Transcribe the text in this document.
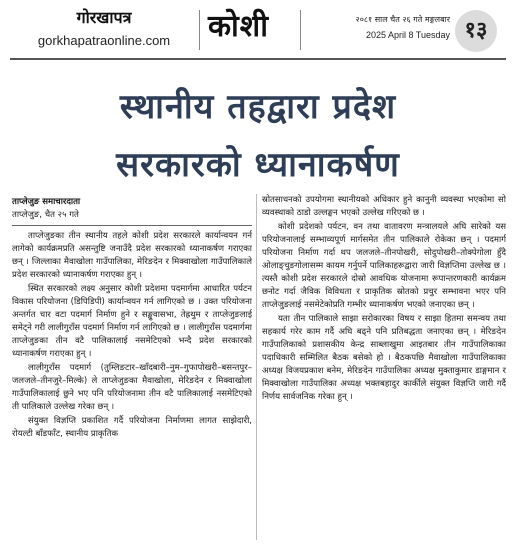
गोरखापत्र
gorkhapatraonline.com	कोशी	२०८१ साल चैत २६ गते मङ्गलबार
2025 April 8 Tuesday १३
स्थानीय तहद्वारा प्रदेश
सरकारको ध्यानाकर्षण
ताप्लेजुङ समाचारदाता
ताप्लेजुङ, चैत २५ गते

ताप्लेजुङका तीन स्थानीय तहले कोशी प्रदेश सरकारले कार्यान्वयन गर्न लागेको कार्यक्रमप्रति असन्तुष्टि जनाउँदै प्रदेश सरकारको ध्यानाकर्षण गराएका छन् । जिल्लाका मैवाखोला गाउँपालिका, मेरिङदेन र मिक्वाखोला गाउँपालिकाले प्रदेश सरकारको ध्यानाकर्षण गराएका हुन् ।

स्थित सरकारको लक्ष्य अनुसार कोशी प्रदेशमा पदमार्गमा आधारित पर्यटन विकास परियोजना (डिपिडिपी) कार्यान्वयन गर्न लागिएको छ । उक्त परियोजना अन्तर्गत चार वटा पदमार्ग निर्माण हुने र सङ्खुवासभा, तेह्रथुम र ताप्लेजुङलाई समेट्ने गरी लालीगुराँस पदमार्ग निर्माण गर्न लागिएको छ । लालीगुराँस पदमार्गमा ताप्लेजुङका तीन वटै पालिकालाई नसमेटिएको भन्दै प्रदेश सरकारको ध्यानाकर्षण गराएका हुन् ।

लालीगुराँस पदमार्ग (तुम्लिङटार–खाँदबारी–नुम–गुफापोखरी–बसन्तपुर–जलजले–तीनजुरे–मिल्के) ले ताप्लेजुङका मैवाखोला, मेरिङदेन र मिक्वाखोला गाउँपालिकालाई छुने भए पनि परियोजनामा तीन वटै पालिकालाई नसमेटिएको ती पालिकाले उल्लेख गरेका छन् ।

संयुक्त विज्ञप्ति प्रकाशित गर्दै परियोजना निर्माणमा लागत साझेदारी, रोयल्टी बाँडफाँट, स्थानीय प्राकृतिक

स्रोतसाधनको उपयोगमा स्थानीयको अधिकार हुने कानुनी व्यवस्था भएकोमा सो व्यवस्थाको ठाडो उल्लङ्घन भएको उल्लेख गरिएको छ ।

कोशी प्रदेशको पर्यटन, वन तथा वातावरण मन्त्रालयले अघि सारेको यस परियोजनालाई सम्भाव्यपूर्ण मार्गसमेत तीन पालिकाले रोकेका छन् । पदमार्ग परियोजना निर्माण गर्दा थप जलजले–तीनपोखरी, सोदुपोखरी–तोक्पेगोला हुँदै ओलाङ्चुङगोलासम्म कायम गर्नुपर्ने पालिकाहरूद्वारा जारी विज्ञप्तिमा उल्लेख छ । त्यस्तै कोशी प्रदेश सरकारले दोस्रो आवधिक योजनामा रूपान्तरणकारी कार्यक्रम छनोट गर्दा जैविक विविधता र प्राकृतिक स्रोतको प्रचुर सम्भावना भएर पनि ताप्लेजुङलाई नसमेटेकोप्रति गम्भीर ध्यानाकर्षण भएको जनाएका छन् ।

यता तीन पालिकाले साझा सरोकारका विषय र साझा हितमा समन्वय तथा सहकार्य गरेर काम गर्दै अघि बढ्ने पनि प्रतिबद्धता जनाएका छन् । मेरिङदेन गाउँपालिकाको प्रशासकीय केन्द्र साब्लाखुमा आइतबार तीन गाउँपालिकाका पदाधिकारी सम्मिलित बैठक बसेको हो । बैठकपछि मैवाखोला गाउँपालिकाका अध्यक्ष विजयप्रकाश बनेम, मेरिङदेन गाउँपालिका अध्यक्ष मुक्ताकुमार डाङ्गमान र मिक्वाखोला गाउँपालिका अध्यक्ष भक्तबहादुर कार्कीले संयुक्त विज्ञप्ति जारी गर्दै निर्णय सार्वजनिक गरेका हुन् ।
